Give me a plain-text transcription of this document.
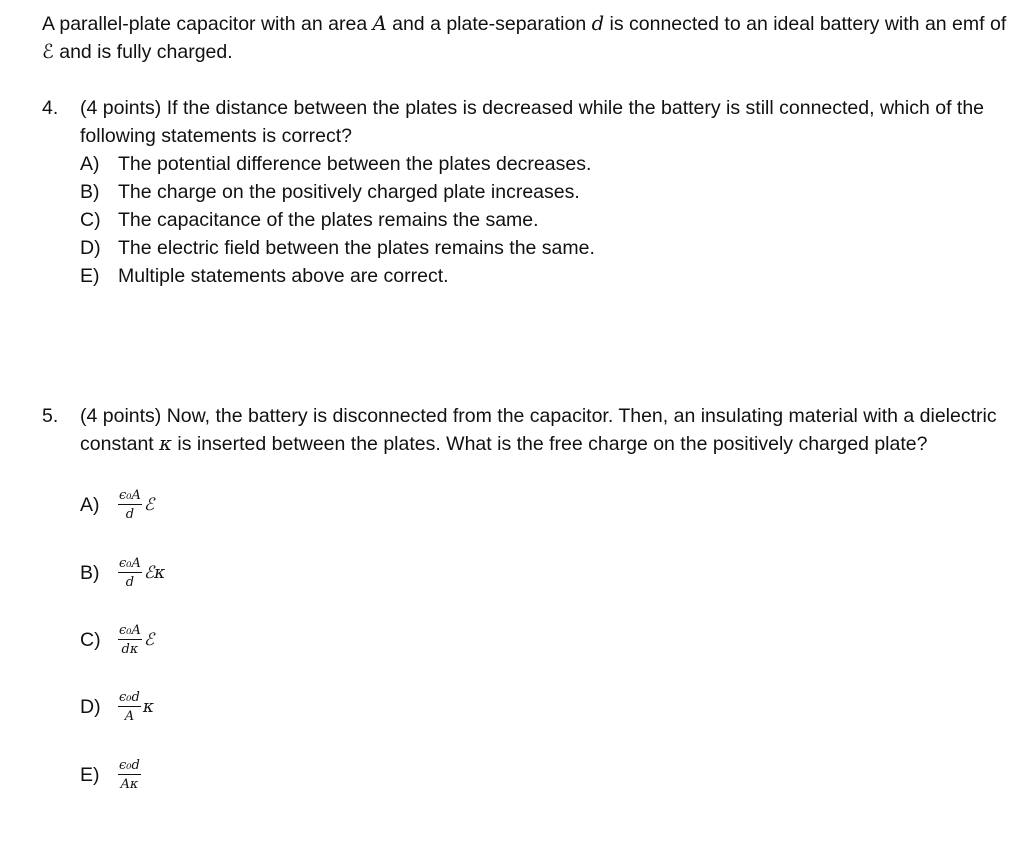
A parallel-plate capacitor with an area A and a plate-separation d is connected to an ideal battery with an emf of ℰ and is fully charged.
4. (4 points) If the distance between the plates is decreased while the battery is still connected, which of the following statements is correct?
A) The potential difference between the plates decreases.
B) The charge on the positively charged plate increases.
C) The capacitance of the plates remains the same.
D) The electric field between the plates remains the same.
E) Multiple statements above are correct.
5. (4 points) Now, the battery is disconnected from the capacitor. Then, an insulating material with a dielectric constant κ is inserted between the plates. What is the free charge on the positively charged plate?
A)	$\frac{\text{ϵ₀A}}{d}$ ℰ
B)	$\frac{\text{ϵ₀A}}{d}$ ℰκ
C)	$\frac{\text{ϵ₀A}}{d\kappa}$ ℰ
D)	$\frac{\text{ϵ₀d}}{A}$ κ
E)	$\frac{\text{ϵ₀d}}{A\kappa}$
